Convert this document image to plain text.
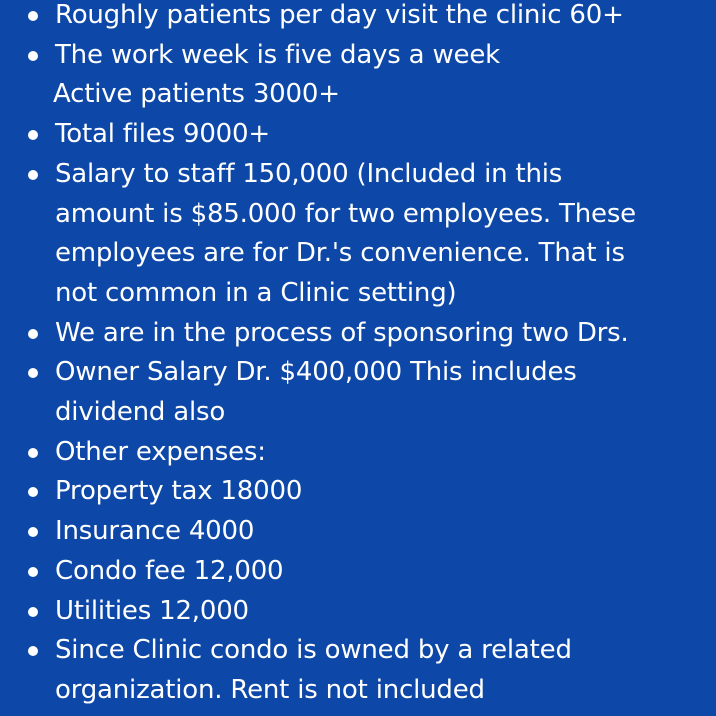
Roughly patients per day visit the clinic 60+
The work week is five days a week
Active patients 3000+
Total files 9000+
Salary to staff 150,000 (Included in this
amount is $85.000 for two employees. These
employees are for Dr.'s convenience. That is
not common in a Clinic setting)
We are in the process of sponsoring two Drs.
Owner Salary Dr. $400,000 This includes
dividend also
Other expenses:
Property tax 18000
Insurance 4000
Condo fee 12,000
Utilities 12,000
Since Clinic condo is owned by a related
organization. Rent is not included
